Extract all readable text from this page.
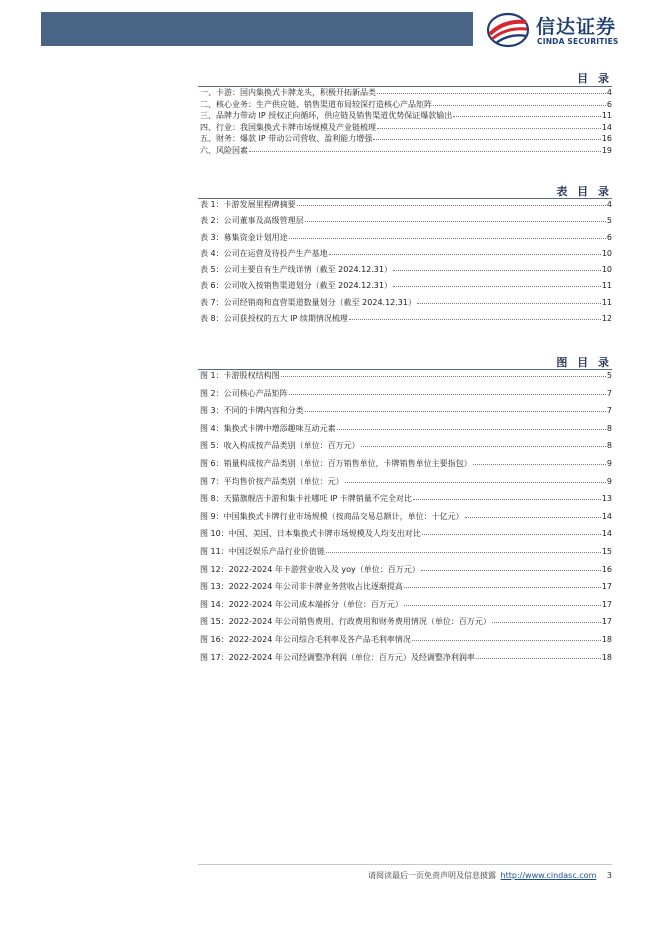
信达证券
CINDA SECURITIES
目 录
一、卡游：国内集换式卡牌龙头，积极开拓新品类	4
二、核心业务：生产供应链、销售渠道布局较深打造核心产品矩阵	6
三、品牌力带动 IP 授权正向循环，供应链及销售渠道优势保证爆款输出	11
四、行业：我国集换式卡牌市场规模及产业链梳理	14
五、财务：爆款 IP 带动公司营收、盈利能力增强	16
六、风险因素	19
表 目 录
表 1：卡游发展里程碑摘要	4
表 2：公司董事及高级管理层	5
表 3：募集资金计划用途	6
表 4：公司在运营及待投产生产基地	10
表 5：公司主要自有生产线详情（截至 2024.12.31）	10
表 6：公司收入按销售渠道划分（截至 2024.12.31）	11
表 7：公司经销商和直营渠道数量划分（截至 2024.12.31）	11
表 8：公司获授权的五大 IP 续期情况梳理	12
图 目 录
图 1：卡游股权结构图	5
图 2：公司核心产品矩阵	7
图 3：不同的卡牌内容和分类	7
图 4：集换式卡牌中增添趣味互动元素	8
图 5：收入构成按产品类别（单位：百万元）	8
图 6：销量构成按产品类别（单位：百万销售单位，卡牌销售单位主要指包）	9
图 7：平均售价按产品类别（单位：元）	9
图 8：天猫旗舰店卡游和集卡社哪吒 IP 卡牌销量不完全对比	13
图 9：中国集换式卡牌行业市场规模（按商品交易总额计，单位：十亿元）	14
图 10：中国、美国、日本集换式卡牌市场规模及人均支出对比	14
图 11：中国泛娱乐产品行业价值链	15
图 12：2022-2024 年卡游营业收入及 yoy（单位：百万元）	16
图 13：2022-2024 年公司非卡牌业务营收占比逐渐提高	17
图 14：2022-2024 年公司成本端拆分（单位：百万元）	17
图 15：2022-2024 年公司销售费用、行政费用和财务费用情况（单位：百万元）	17
图 16：2022-2024 年公司综合毛利率及各产品毛利率情况	18
图 17：2022-2024 年公司经调整净利润（单位：百万元）及经调整净利润率	18
请阅读最后一页免责声明及信息披露 http://www.cindasc.com 3
